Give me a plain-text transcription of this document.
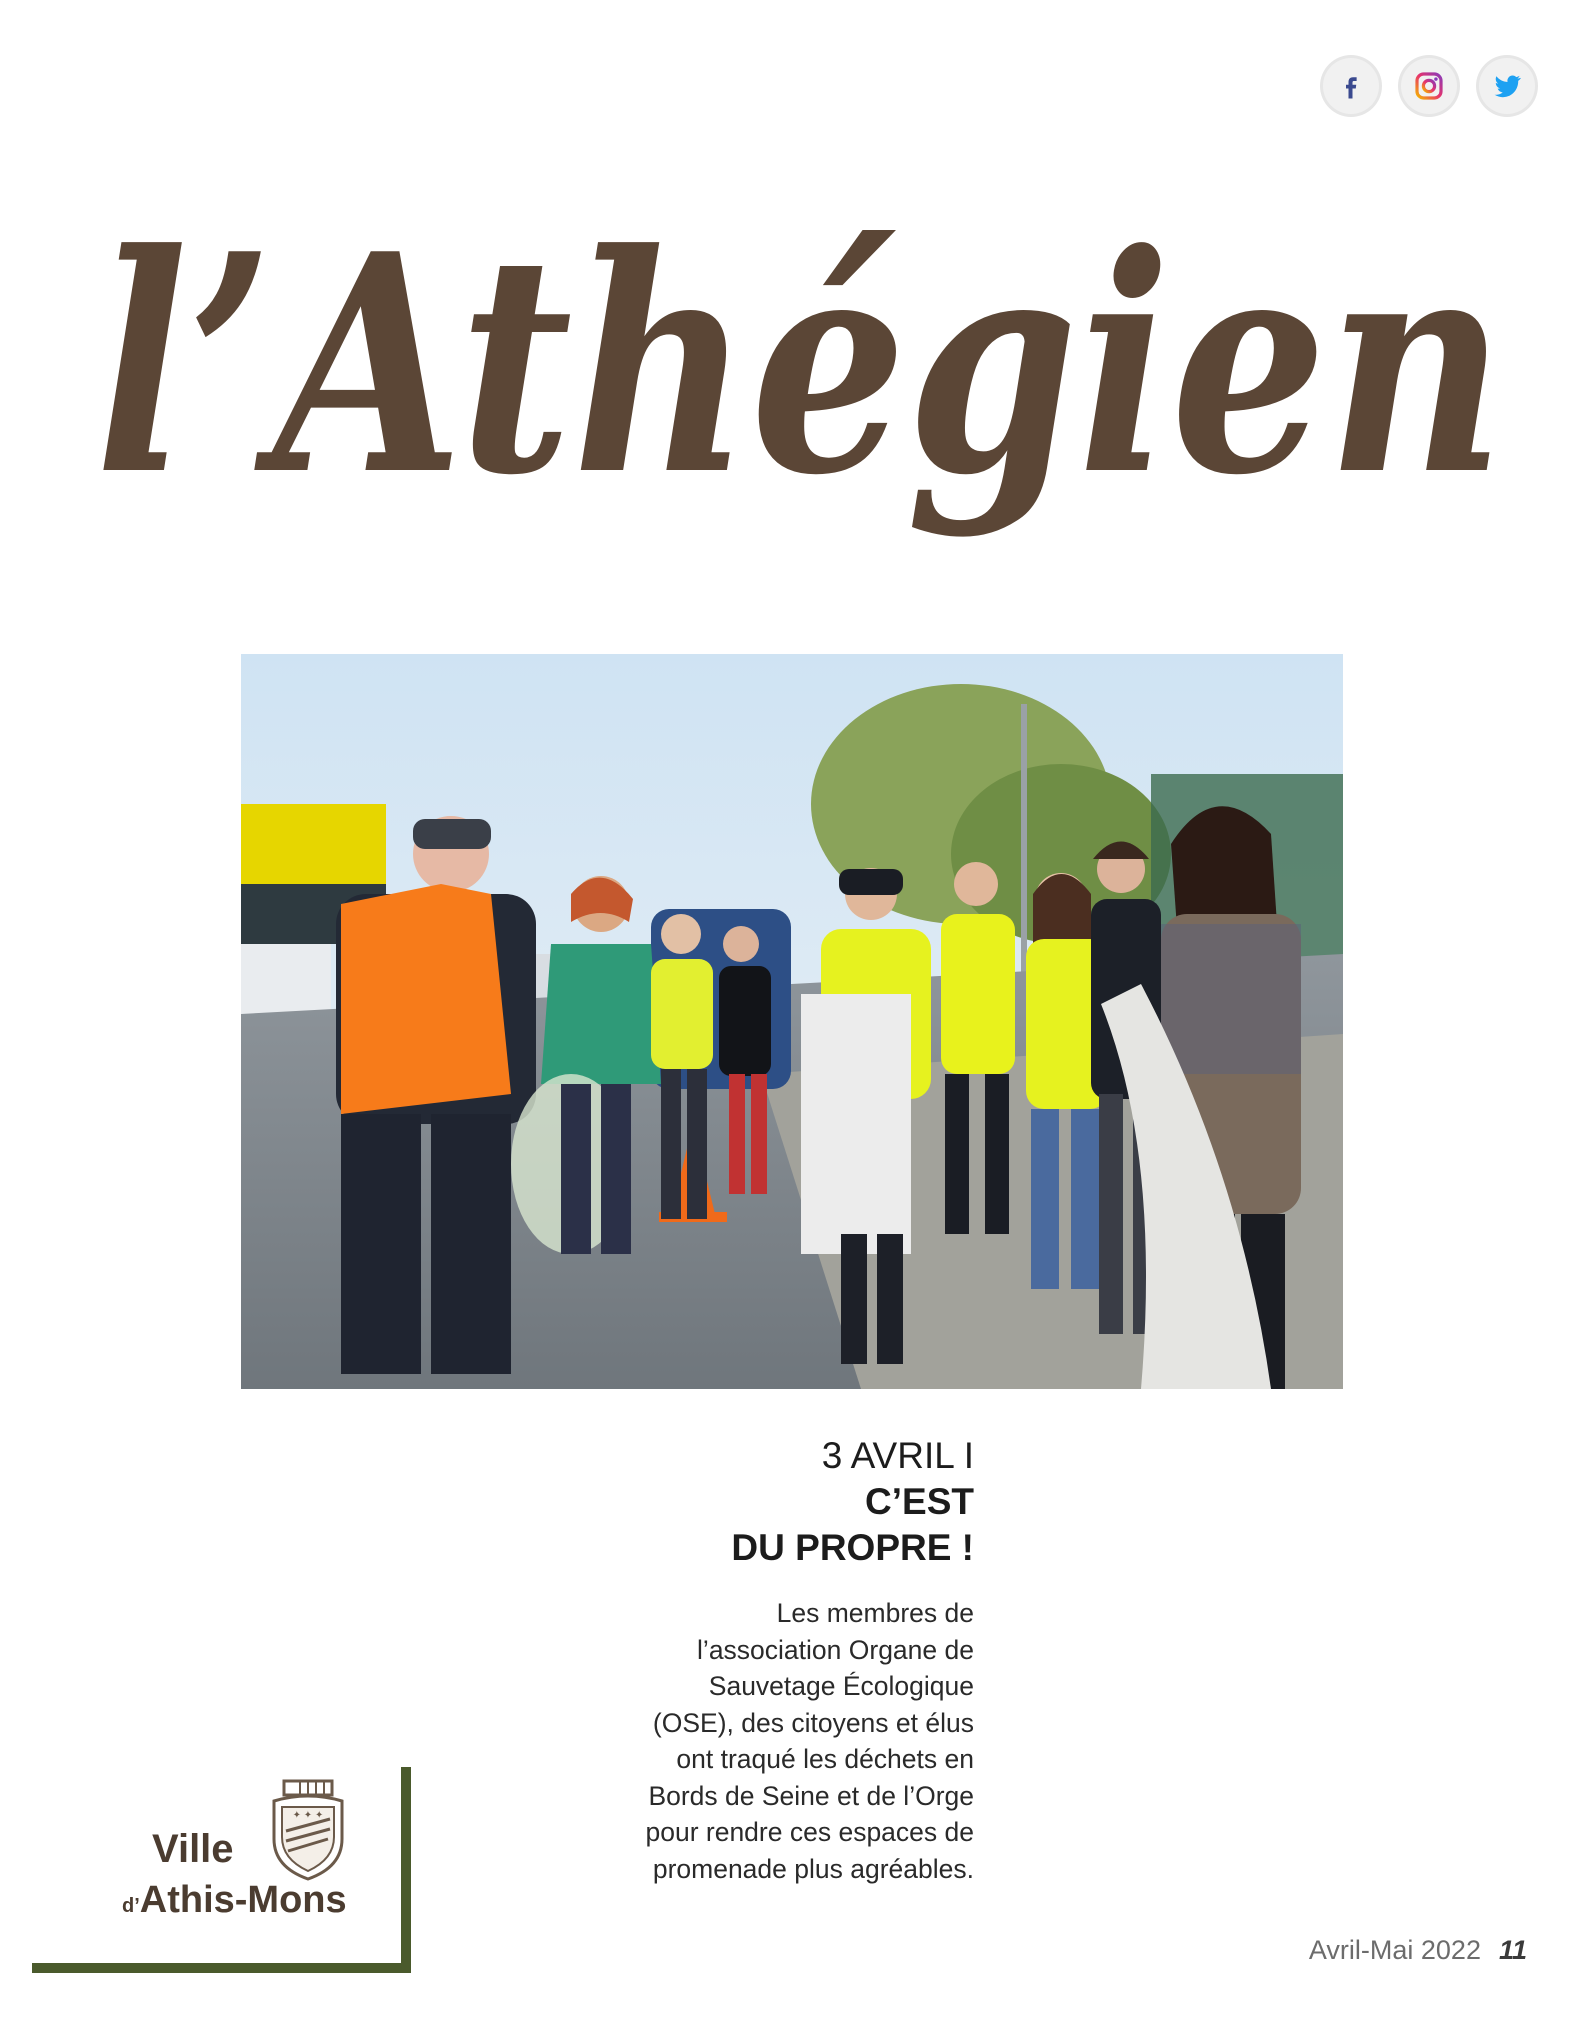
l’Athégien
3 AVRIL I
C’EST
DU PROPRE !
Les membres de
l’association Organe de
Sauvetage Écologique
(OSE), des citoyens et élus
ont traqué les déchets en
Bords de Seine et de l’Orge
pour rendre ces espaces de
promenade plus agréables.
✦ ✦ ✦
Ville
d’Athis-Mons
Avril-Mai 2022 11
